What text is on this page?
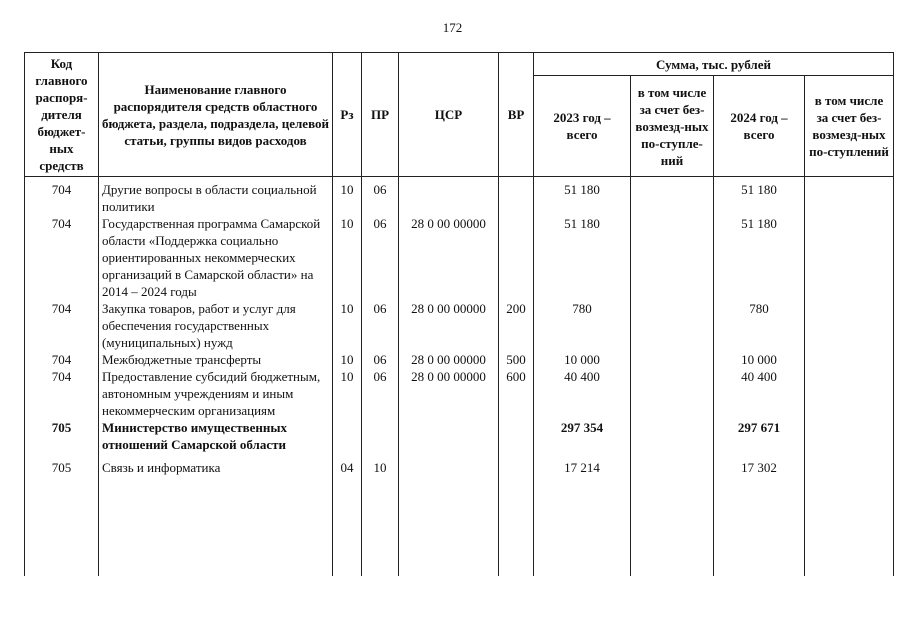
172
Код главного распоря-дителя бюджет-ных средств	Наименование главного распорядителя средств областного бюджета, раздела, подраздела, целевой статьи, группы видов расходов	Рз	ПР	ЦСР	ВР	Сумма, тыс. рублей			
						2023 год – всего	в том числе за счет без-возмезд-ных по-ступле-ний	2024 год – всего	в том числе за счет без-возмезд-ных по-ступлений
704	Другие вопросы в области социальной политики	10	06			51 180		51 180	
704	Государственная программа Самарской области «Поддержка социально ориентированных некоммерческих организаций в Самарской области» на 2014 – 2024 годы	10	06	28 0 00 00000		51 180		51 180	
704	Закупка товаров, работ и услуг для обеспечения государственных (муниципальных) нужд	10	06	28 0 00 00000	200	780		780	
704	Межбюджетные трансферты	10	06	28 0 00 00000	500	10 000		10 000	
704	Предоставление субсидий бюджетным, автономным учреждениям и иным некоммерческим организациям	10	06	28 0 00 00000	600	40 400		40 400	
705	Министерство имущественных отношений Самарской области					297 354		297 671	

705	Связь и информатика	04	10			17 214		17 302	
